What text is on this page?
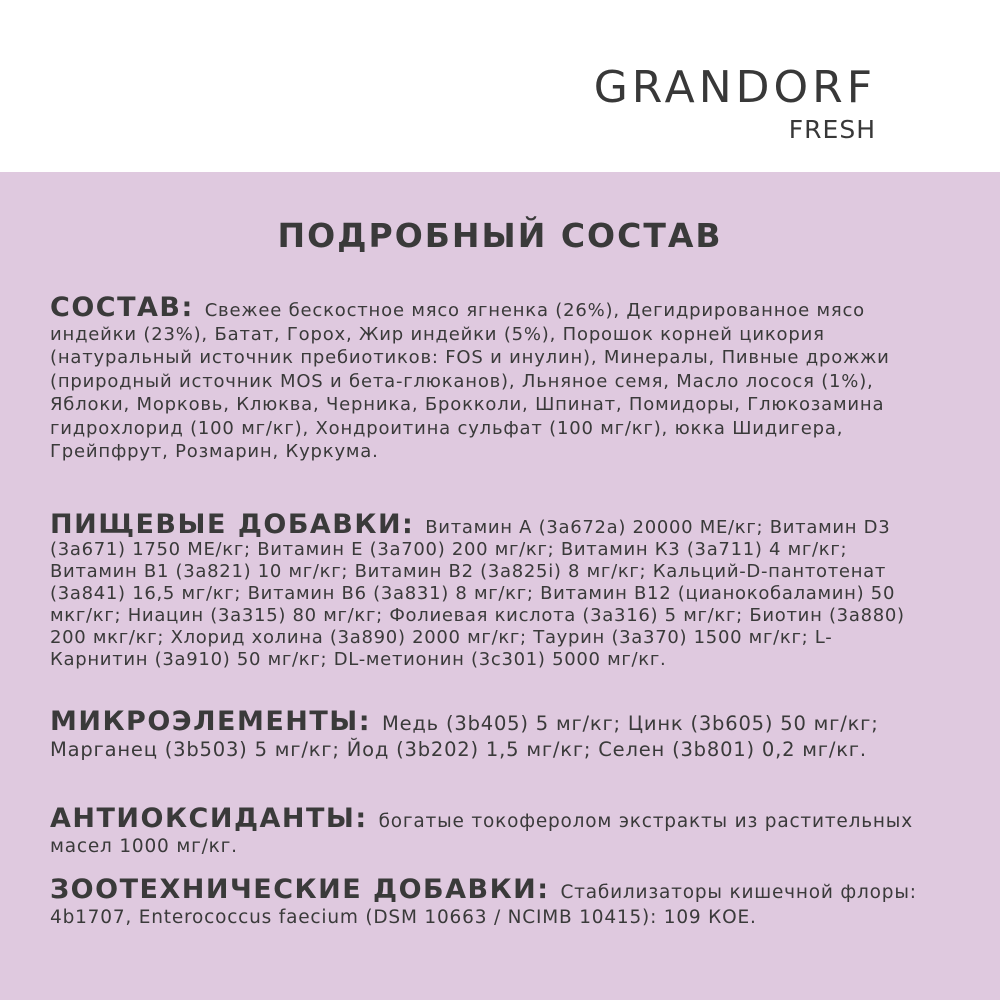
GRANDORF
FRESH
ПОДРОБНЫЙ СОСТАВ
СОСТАВ: Свежее бескостное мясо ягненка (26%), Дегидрированное мясо индейки (23%), Батат, Горох, Жир индейки (5%), Порошок корней цикория (натуральный источник пребиотиков: FOS и инулин), Минералы, Пивные дрожжи (природный источник MOS и бета-глюканов), Льняное семя, Масло лосося (1%), Яблоки, Морковь, Клюква, Черника, Брокколи, Шпинат, Помидоры, Глюкозамина гидрохлорид (100 мг/кг), Хондроитина сульфат (100 мг/кг), юкка Шидигера, Грейпфрут, Розмарин, Куркума.
ПИЩЕВЫЕ ДОБАВКИ: Витамин А (3а672а) 20000 МЕ/кг; Витамин D3 (3а671) 1750 МЕ/кг; Витамин Е (3а700) 200 мг/кг; Витамин К3 (3а711) 4 мг/кг; Витамин В1 (3а821) 10 мг/кг; Витамин В2 (3а825i) 8 мг/кг; Кальций-D-пантотенат (3а841) 16,5 мг/кг; Витамин В6 (3а831) 8 мг/кг; Витамин В12 (цианокобаламин) 50 мкг/кг; Ниацин (3а315) 80 мг/кг; Фолиевая кислота (3а316) 5 мг/кг; Биотин (3а880) 200 мкг/кг; Хлорид холина (3а890) 2000 мг/кг; Таурин (3а370) 1500 мг/кг; L-Карнитин (3а910) 50 мг/кг; DL-метионин (3с301) 5000 мг/кг.
МИКРОЭЛЕМЕНТЫ: Медь (3b405) 5 мг/кг; Цинк (3b605) 50 мг/кг; Марганец (3b503) 5 мг/кг; Йод (3b202) 1,5 мг/кг; Селен (3b801) 0,2 мг/кг.
АНТИОКСИДАНТЫ: богатые токоферолом экстракты из растительных масел 1000 мг/кг.
ЗООТЕХНИЧЕСКИЕ ДОБАВКИ: Стабилизаторы кишечной флоры: 4b1707, Enterococcus faecium (DSM 10663 / NCIMB 10415): 109 КОЕ.
